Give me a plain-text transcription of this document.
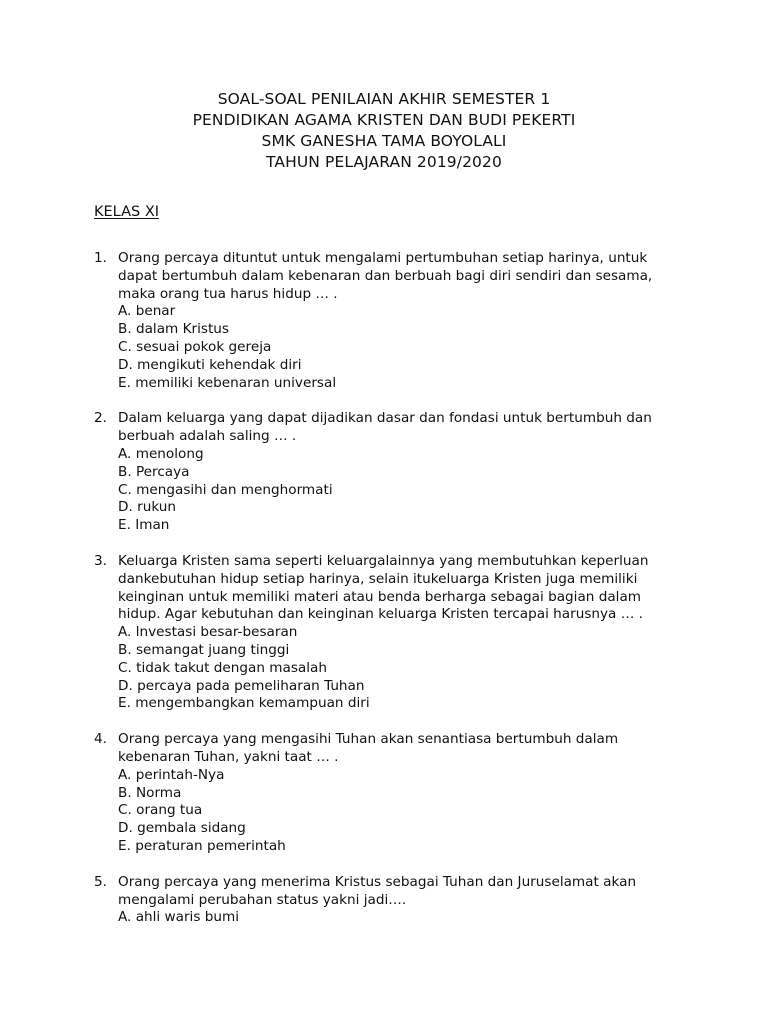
SOAL-SOAL PENILAIAN AKHIR SEMESTER 1
PENDIDIKAN AGAMA KRISTEN DAN BUDI PEKERTI
SMK GANESHA TAMA BOYOLALI
TAHUN PELAJARAN 2019/2020
KELAS XI
1. Orang percaya dituntut untuk mengalami pertumbuhan setiap harinya, untuk
dapat bertumbuh dalam kebenaran dan berbuah bagi diri sendiri dan sesama,
maka orang tua harus hidup … .
A. benar
B. dalam Kristus
C. sesuai pokok gereja
D. mengikuti kehendak diri
E. memiliki kebenaran universal
2. Dalam keluarga yang dapat dijadikan dasar dan fondasi untuk bertumbuh dan
berbuah adalah saling … .
A. menolong
B. Percaya
C. mengasihi dan menghormati
D. rukun
E. Iman
3. Keluarga Kristen sama seperti keluargalainnya yang membutuhkan keperluan
dankebutuhan hidup setiap harinya, selain itukeluarga Kristen juga memiliki
keinginan untuk memiliki materi atau benda berharga sebagai bagian dalam
hidup. Agar kebutuhan dan keinginan keluarga Kristen tercapai harusnya … .
A. lnvestasi besar-besaran
B. semangat juang tinggi
C. tidak takut dengan masalah
D. percaya pada pemeliharan Tuhan
E. mengembangkan kemampuan diri
4. Orang percaya yang mengasihi Tuhan akan senantiasa bertumbuh dalam
kebenaran Tuhan, yakni taat … .
A. perintah-Nya
B. Norma
C. orang tua
D. gembala sidang
E. peraturan pemerintah
5. Orang percaya yang menerima Kristus sebagai Tuhan dan Juruselamat akan
mengalami perubahan status yakni jadi….
A. ahli waris bumi
